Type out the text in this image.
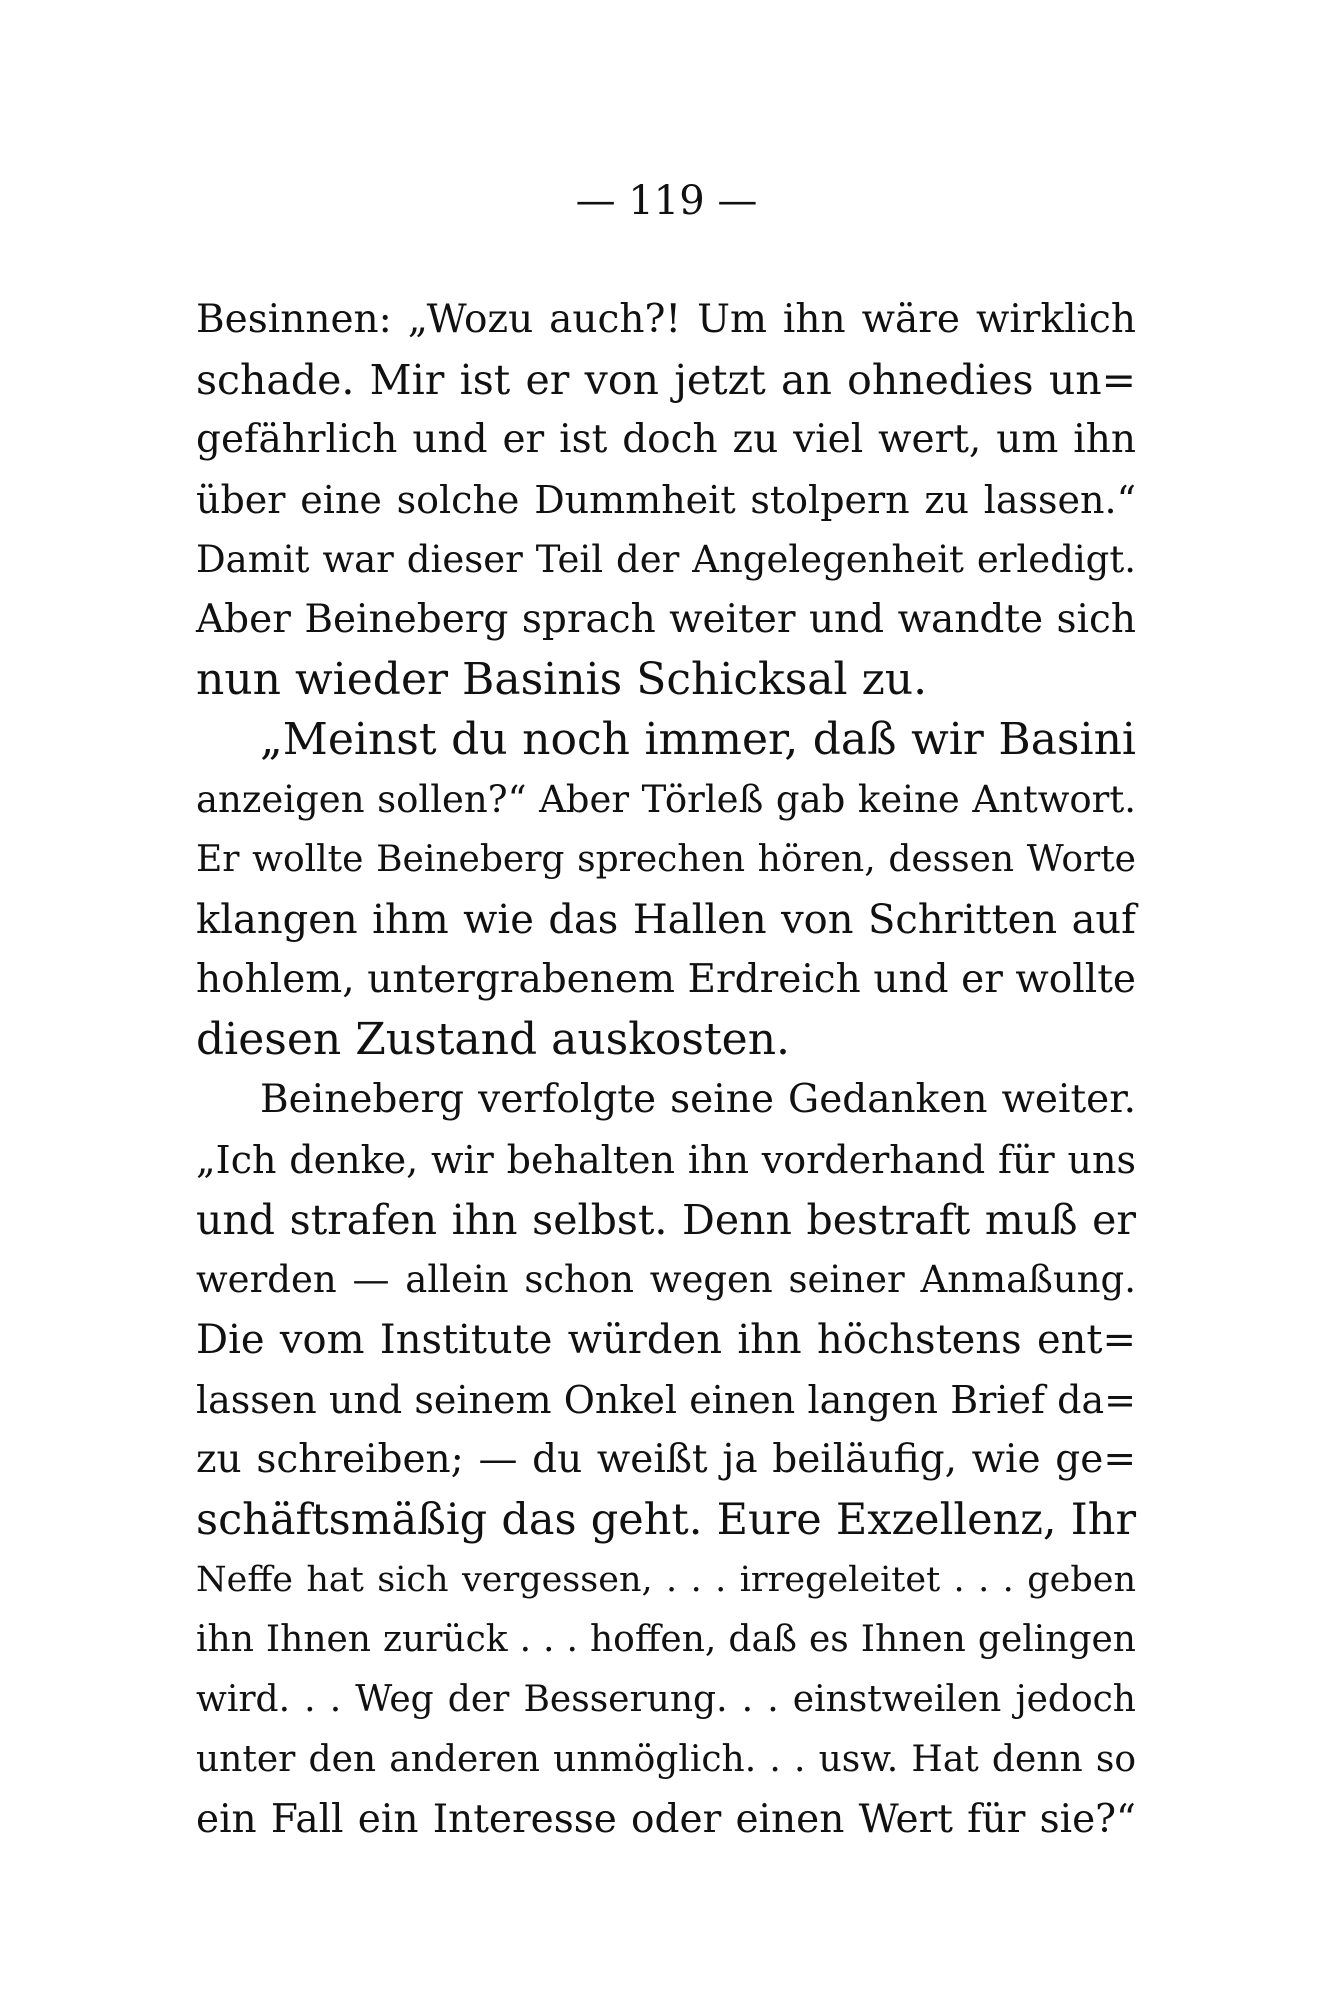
— 119 —
Besinnen: „Wozu auch?! Um ihn wäre wirklich
schade. Mir ist er von jetzt an ohnedies un=
gefährlich und er ist doch zu viel wert, um ihn
über eine solche Dummheit stolpern zu lassen.“
Damit war dieser Teil der Angelegenheit erledigt.
Aber Beineberg sprach weiter und wandte sich
nun wieder Basinis Schicksal zu.
„Meinst du noch immer, daß wir Basini
anzeigen sollen?“ Aber Törleß gab keine Antwort.
Er wollte Beineberg sprechen hören, dessen Worte
klangen ihm wie das Hallen von Schritten auf
hohlem, untergrabenem Erdreich und er wollte
diesen Zustand auskosten.
Beineberg verfolgte seine Gedanken weiter.
„Ich denke, wir behalten ihn vorderhand für uns
und strafen ihn selbst. Denn bestraft muß er
werden — allein schon wegen seiner Anmaßung.
Die vom Institute würden ihn höchstens ent=
lassen und seinem Onkel einen langen Brief da=
zu schreiben; — du weißt ja beiläufig, wie ge=
schäftsmäßig das geht. Eure Exzellenz, Ihr
Neffe hat sich vergessen, . . . irregeleitet . . . geben
ihn Ihnen zurück . . . hoffen, daß es Ihnen gelingen
wird. . . Weg der Besserung. . . einstweilen jedoch
unter den anderen unmöglich. . . usw. Hat denn so
ein Fall ein Interesse oder einen Wert für sie?“
